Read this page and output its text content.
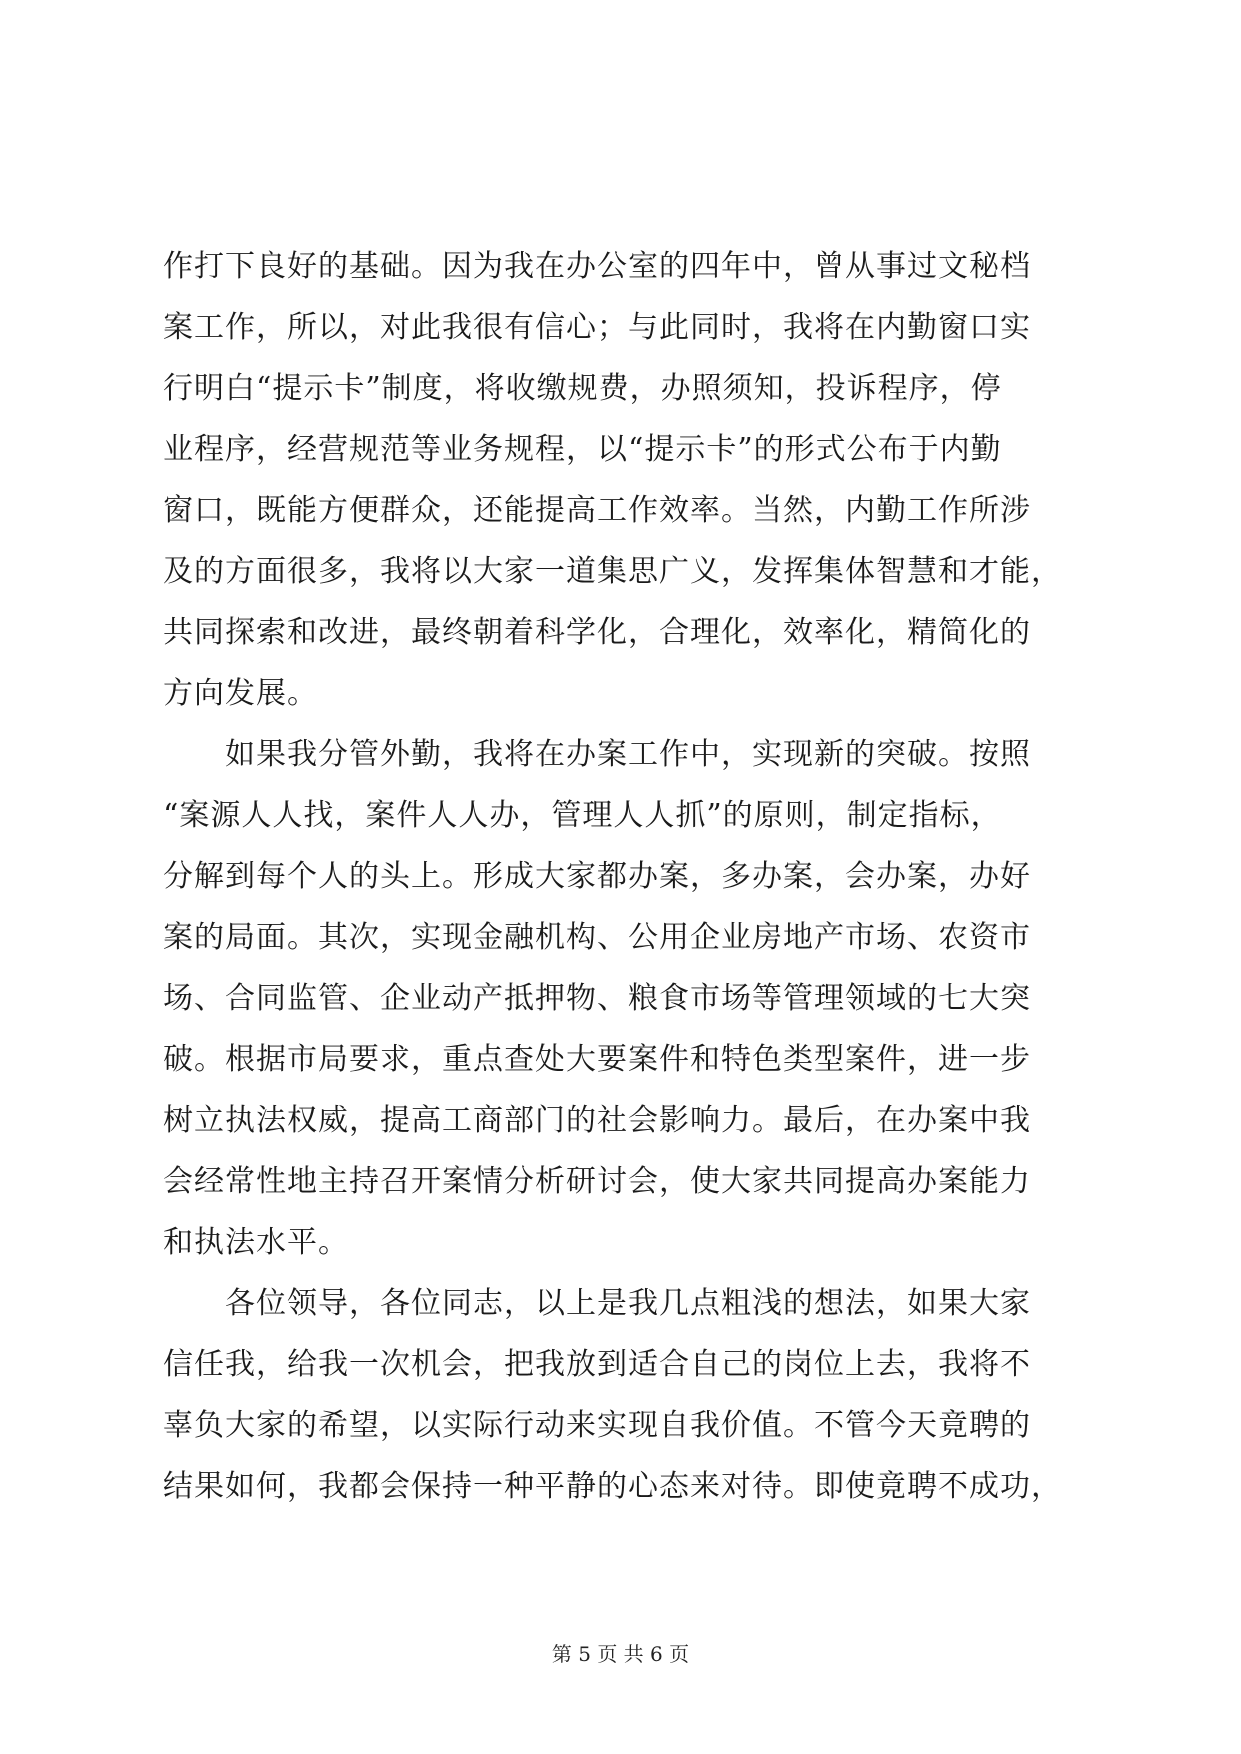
作打下良好的基础。因为我在办公室的四年中，曾从事过文秘档
案工作，所以，对此我很有信心；与此同时，我将在内勤窗口实
行明白“提示卡”制度，将收缴规费，办照须知，投诉程序，停
业程序，经营规范等业务规程，以“提示卡”的形式公布于内勤
窗口，既能方便群众，还能提高工作效率。当然，内勤工作所涉
及的方面很多，我将以大家一道集思广义，发挥集体智慧和才能，
共同探索和改进，最终朝着科学化，合理化，效率化，精简化的
方向发展。
　　如果我分管外勤，我将在办案工作中，实现新的突破。按照
“案源人人找，案件人人办，管理人人抓”的原则，制定指标，
分解到每个人的头上。形成大家都办案，多办案，会办案，办好
案的局面。其次，实现金融机构、公用企业房地产市场、农资市
场、合同监管、企业动产抵押物、粮食市场等管理领域的七大突
破。根据市局要求，重点查处大要案件和特色类型案件，进一步
树立执法权威，提高工商部门的社会影响力。最后，在办案中我
会经常性地主持召开案情分析研讨会，使大家共同提高办案能力
和执法水平。
　　各位领导，各位同志，以上是我几点粗浅的想法，如果大家
信任我，给我一次机会，把我放到适合自己的岗位上去，我将不
辜负大家的希望，以实际行动来实现自我价值。不管今天竟聘的
结果如何，我都会保持一种平静的心态来对待。即使竟聘不成功，
第 5 页 共 6 页
